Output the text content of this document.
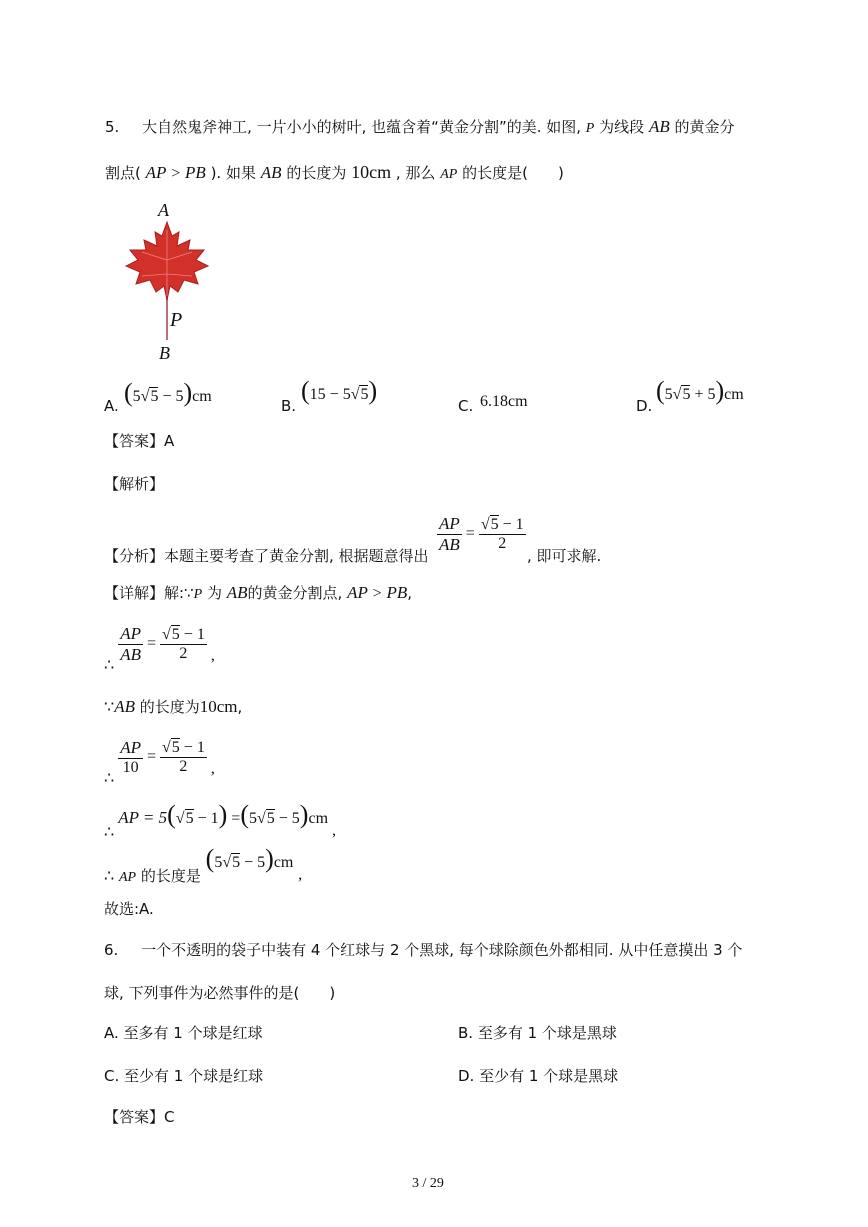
5. 大自然鬼斧神工, 一片小小的树叶, 也蕴含着“黄金分割”的美. 如图, P 为线段 AB 的黄金分
割点( AP > PB ). 如果 AB 的长度为 10cm , 那么 AP 的长度是(　　)
A
P
B
A. (5√5 − 5)cm
B.
(15 − 5√5)
C. 6.18cm	D.
(5√5 + 5)cm
【答案】A
【解析】
【分析】本题主要考查了黄金分割, 根据题意得出
$\frac{AP}{AB} = \frac{√5 - 1}{2}$
, 即可求解.
【详解】解:∵P 为 AB的黄金分割点, AP > PB,
∴
$\frac{AP}{AB} = \frac{√5 - 1}{2}$ ,
∵AB 的长度为10cm,
∴
$\frac{AP}{10} = \frac{√5 - 1}{2}$ ,
∴ AP = 5(√5 − 1) =(5√5 − 5)cm ,
∴ AP 的长度是 (5√5 − 5)cm ,
故选:A.
6. 一个不透明的袋子中装有 4 个红球与 2 个黑球, 每个球除颜色外都相同. 从中任意摸出 3 个
球, 下列事件为必然事件的是(　　)
A. 至多有 1 个球是红球	B. 至多有 1 个球是黑球
C. 至少有 1 个球是红球	D. 至少有 1 个球是黑球
【答案】C
3 / 29
